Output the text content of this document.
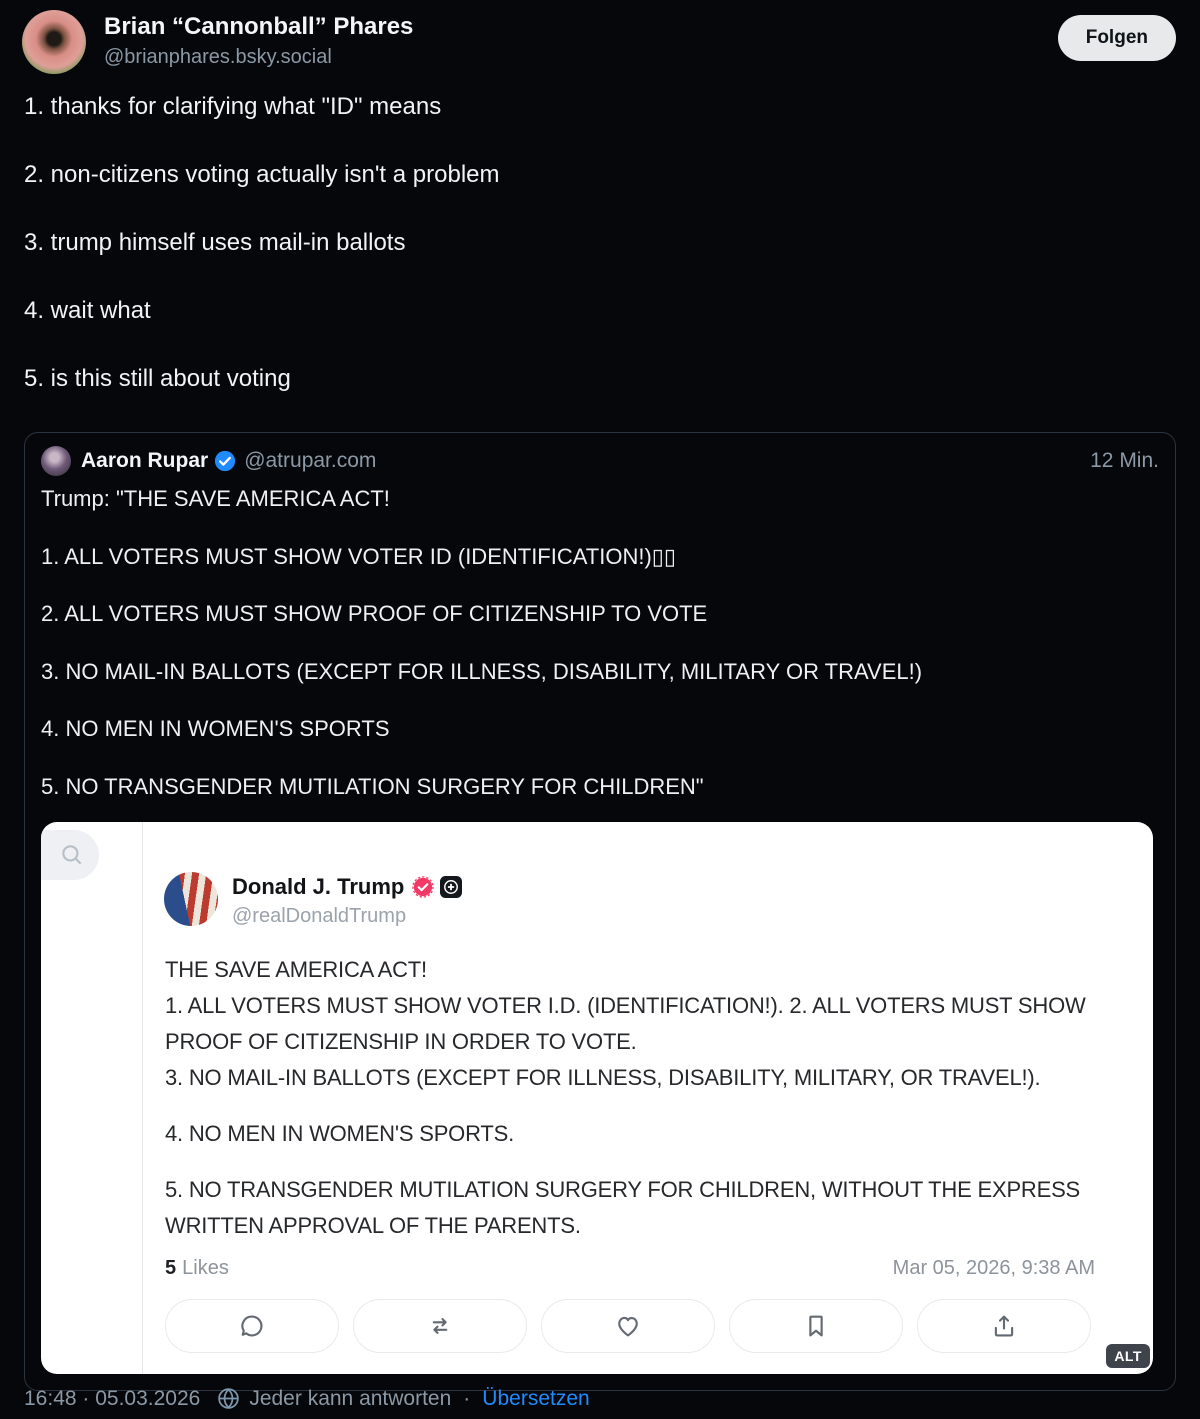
Brian “Cannonball” Phares
@brianphares.bsky.social
Folgen

1. thanks for clarifying what "ID" means

2. non-citizens voting actually isn't a problem

3. trump himself uses mail-in ballots

4. wait what

5. is this still about voting

Aaron Rupar @atrupar.com	12 Min.

Trump: "THE SAVE AMERICA ACT!

1. ALL VOTERS MUST SHOW VOTER ID (IDENTIFICATION!)▯▯

2. ALL VOTERS MUST SHOW PROOF OF CITIZENSHIP TO VOTE

3. NO MAIL-IN BALLOTS (EXCEPT FOR ILLNESS, DISABILITY, MILITARY OR TRAVEL!)

4. NO MEN IN WOMEN'S SPORTS

5. NO TRANSGENDER MUTILATION SURGERY FOR CHILDREN"

Donald J. Trump
@realDonaldTrump

THE SAVE AMERICA ACT!

1. ALL VOTERS MUST SHOW VOTER I.D. (IDENTIFICATION!). 2. ALL VOTERS MUST SHOW PROOF OF CITIZENSHIP IN ORDER TO VOTE.

3. NO MAIL-IN BALLOTS (EXCEPT FOR ILLNESS, DISABILITY, MILITARY, OR TRAVEL!).

4. NO MEN IN WOMEN'S SPORTS.

5. NO TRANSGENDER MUTILATION SURGERY FOR CHILDREN, WITHOUT THE EXPRESS WRITTEN APPROVAL OF THE PARENTS.

5 Likes	Mar 05, 2026, 9:38 AM
ALT
16:48 · 05.03.2026 Jeder kann antworten · Übersetzen
